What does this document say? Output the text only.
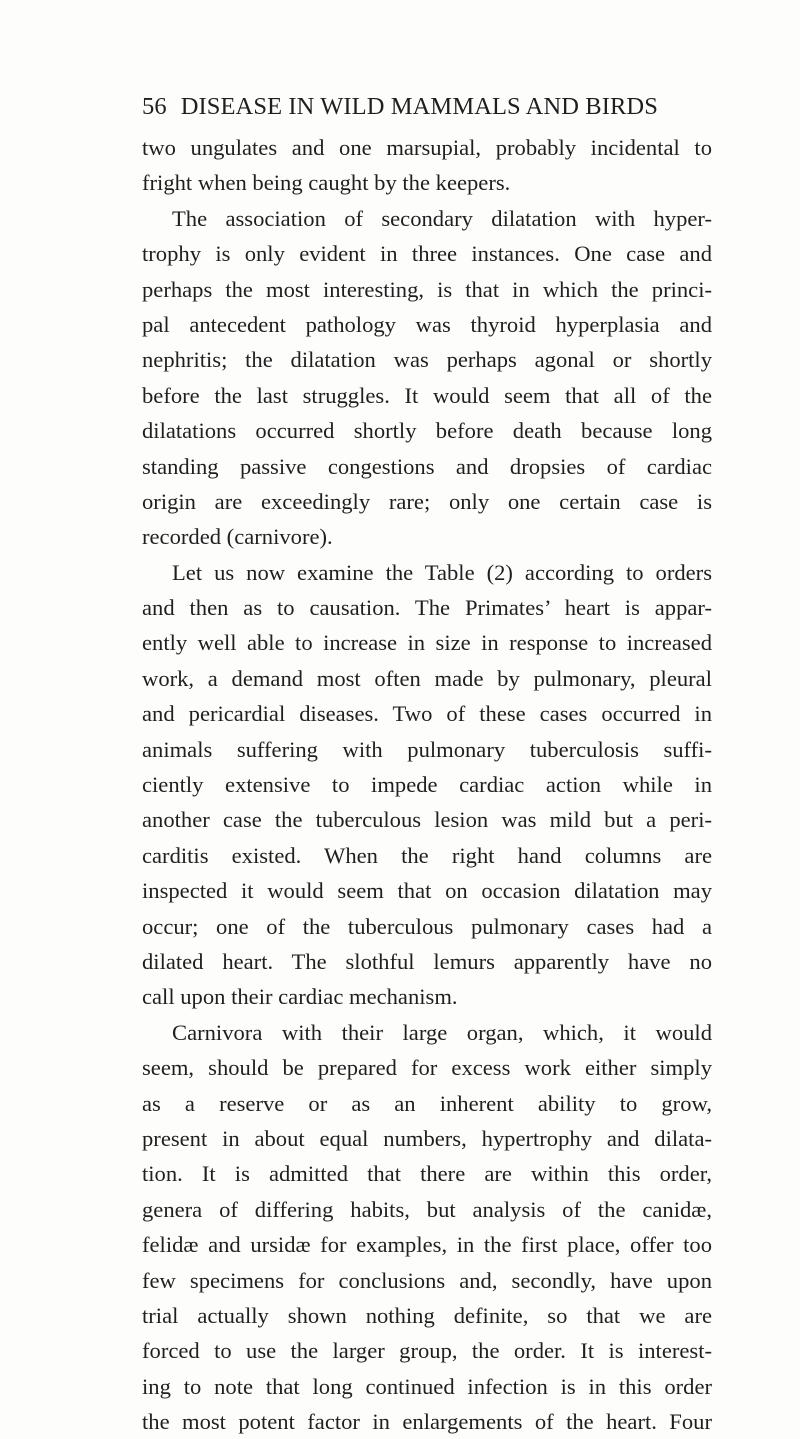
56 DISEASE IN WILD MAMMALS AND BIRDS
two ungulates and one marsupial, probably incidental to
fright when being caught by the keepers.
The association of secondary dilatation with hyper-
trophy is only evident in three instances. One case and
perhaps the most interesting, is that in which the princi-
pal antecedent pathology was thyroid hyperplasia and
nephritis; the dilatation was perhaps agonal or shortly
before the last struggles. It would seem that all of the
dilatations occurred shortly before death because long
standing passive congestions and dropsies of cardiac
origin are exceedingly rare; only one certain case is
recorded (carnivore).
Let us now examine the Table (2) according to orders
and then as to causation. The Primates’ heart is appar-
ently well able to increase in size in response to increased
work, a demand most often made by pulmonary, pleural
and pericardial diseases. Two of these cases occurred in
animals suffering with pulmonary tuberculosis suffi-
ciently extensive to impede cardiac action while in
another case the tuberculous lesion was mild but a peri-
carditis existed. When the right hand columns are
inspected it would seem that on occasion dilatation may
occur; one of the tuberculous pulmonary cases had a
dilated heart. The slothful lemurs apparently have no
call upon their cardiac mechanism.
Carnivora with their large organ, which, it would
seem, should be prepared for excess work either simply
as a reserve or as an inherent ability to grow,
present in about equal numbers, hypertrophy and dilata-
tion. It is admitted that there are within this order,
genera of differing habits, but analysis of the canidæ,
felidæ and ursidæ for examples, in the first place, offer too
few specimens for conclusions and, secondly, have upon
trial actually shown nothing definite, so that we are
forced to use the larger group, the order. It is interest-
ing to note that long continued infection is in this order
the most potent factor in enlargements of the heart. Four
